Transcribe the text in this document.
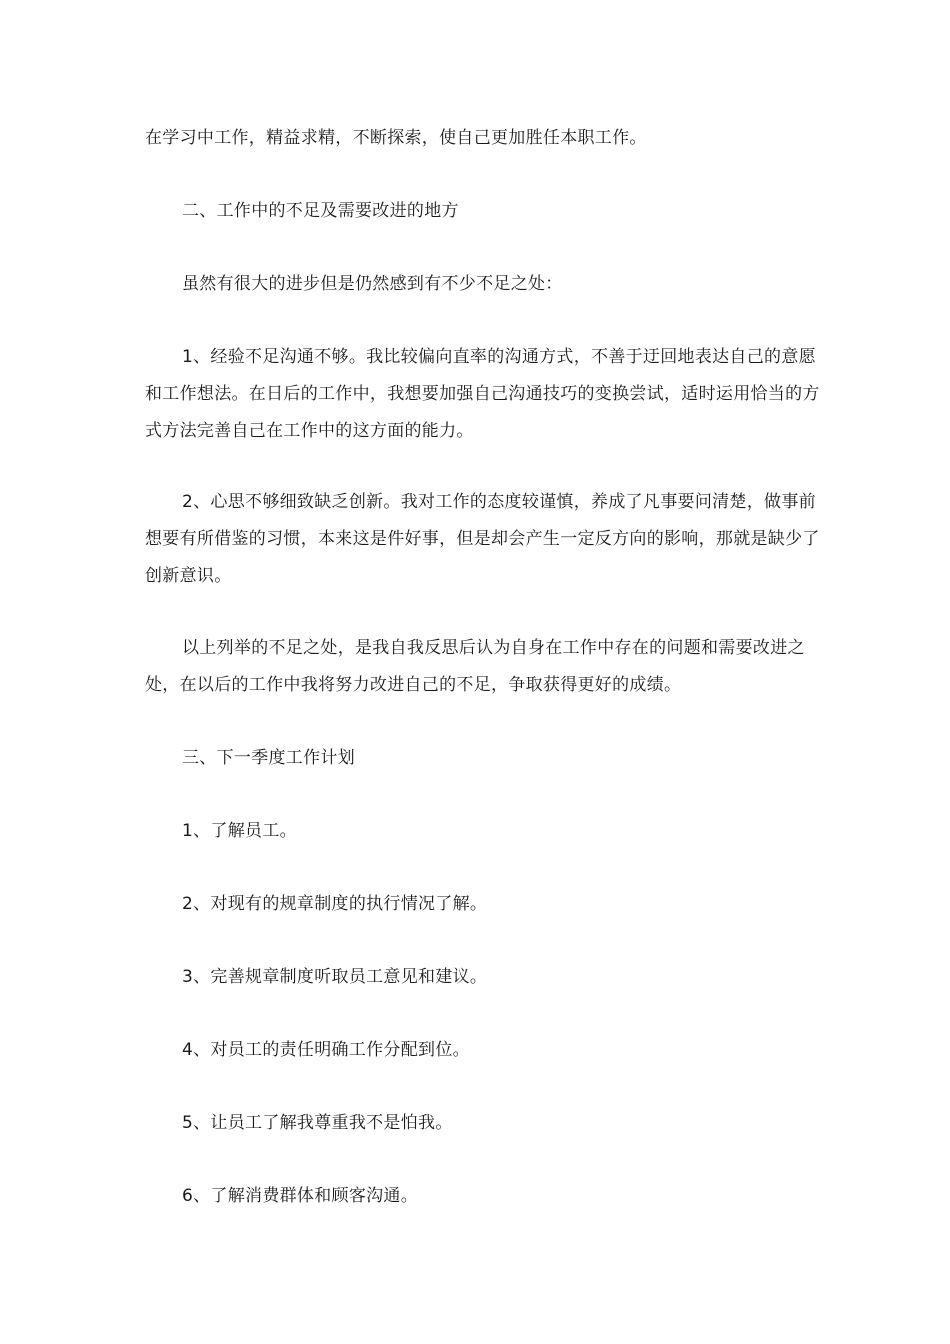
在学习中工作，精益求精，不断探索，使自己更加胜任本职工作。

二、工作中的不足及需要改进的地方

虽然有很大的进步但是仍然感到有不少不足之处：

1、经验不足沟通不够。我比较偏向直率的沟通方式，不善于迂回地表达自己的意愿和工作想法。在日后的工作中，我想要加强自己沟通技巧的变换尝试，适时运用恰当的方式方法完善自己在工作中的这方面的能力。

2、心思不够细致缺乏创新。我对工作的态度较谨慎，养成了凡事要问清楚，做事前想要有所借鉴的习惯，本来这是件好事，但是却会产生一定反方向的影响，那就是缺少了创新意识。

以上列举的不足之处，是我自我反思后认为自身在工作中存在的问题和需要改进之处，在以后的工作中我将努力改进自己的不足，争取获得更好的成绩。

三、下一季度工作计划

1、了解员工。

2、对现有的规章制度的执行情况了解。

3、完善规章制度听取员工意见和建议。

4、对员工的责任明确工作分配到位。

5、让员工了解我尊重我不是怕我。

6、了解消费群体和顾客沟通。
